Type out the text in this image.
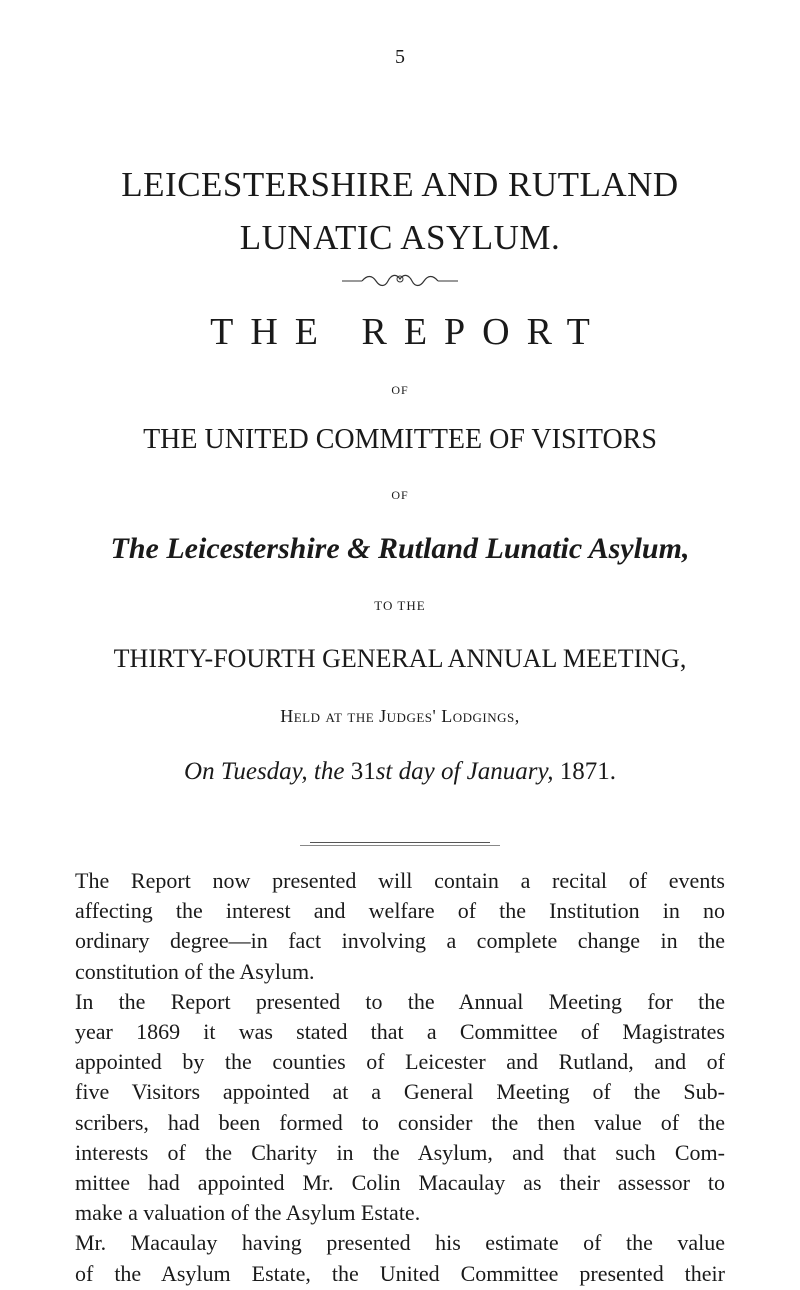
5
LEICESTERSHIRE AND RUTLAND
LUNATIC ASYLUM.
THE REPORT
OF
THE UNITED COMMITTEE OF VISITORS
OF
The Leicestershire & Rutland Lunatic Asylum,
TO THE
THIRTY-FOURTH GENERAL ANNUAL MEETING,
Held at the Judges' Lodgings,
On Tuesday, the 31st day of January, 1871.
The Report now presented will contain a recital of events
affecting the interest and welfare of the Institution in no
ordinary degree—in fact involving a complete change in the
constitution of the Asylum.
In the Report presented to the Annual Meeting for the
year 1869 it was stated that a Committee of Magistrates
appointed by the counties of Leicester and Rutland, and of
five Visitors appointed at a General Meeting of the Sub-
scribers, had been formed to consider the then value of the
interests of the Charity in the Asylum, and that such Com-
mittee had appointed Mr. Colin Macaulay as their assessor to
make a valuation of the Asylum Estate.
Mr. Macaulay having presented his estimate of the value
of the Asylum Estate, the United Committee presented their
